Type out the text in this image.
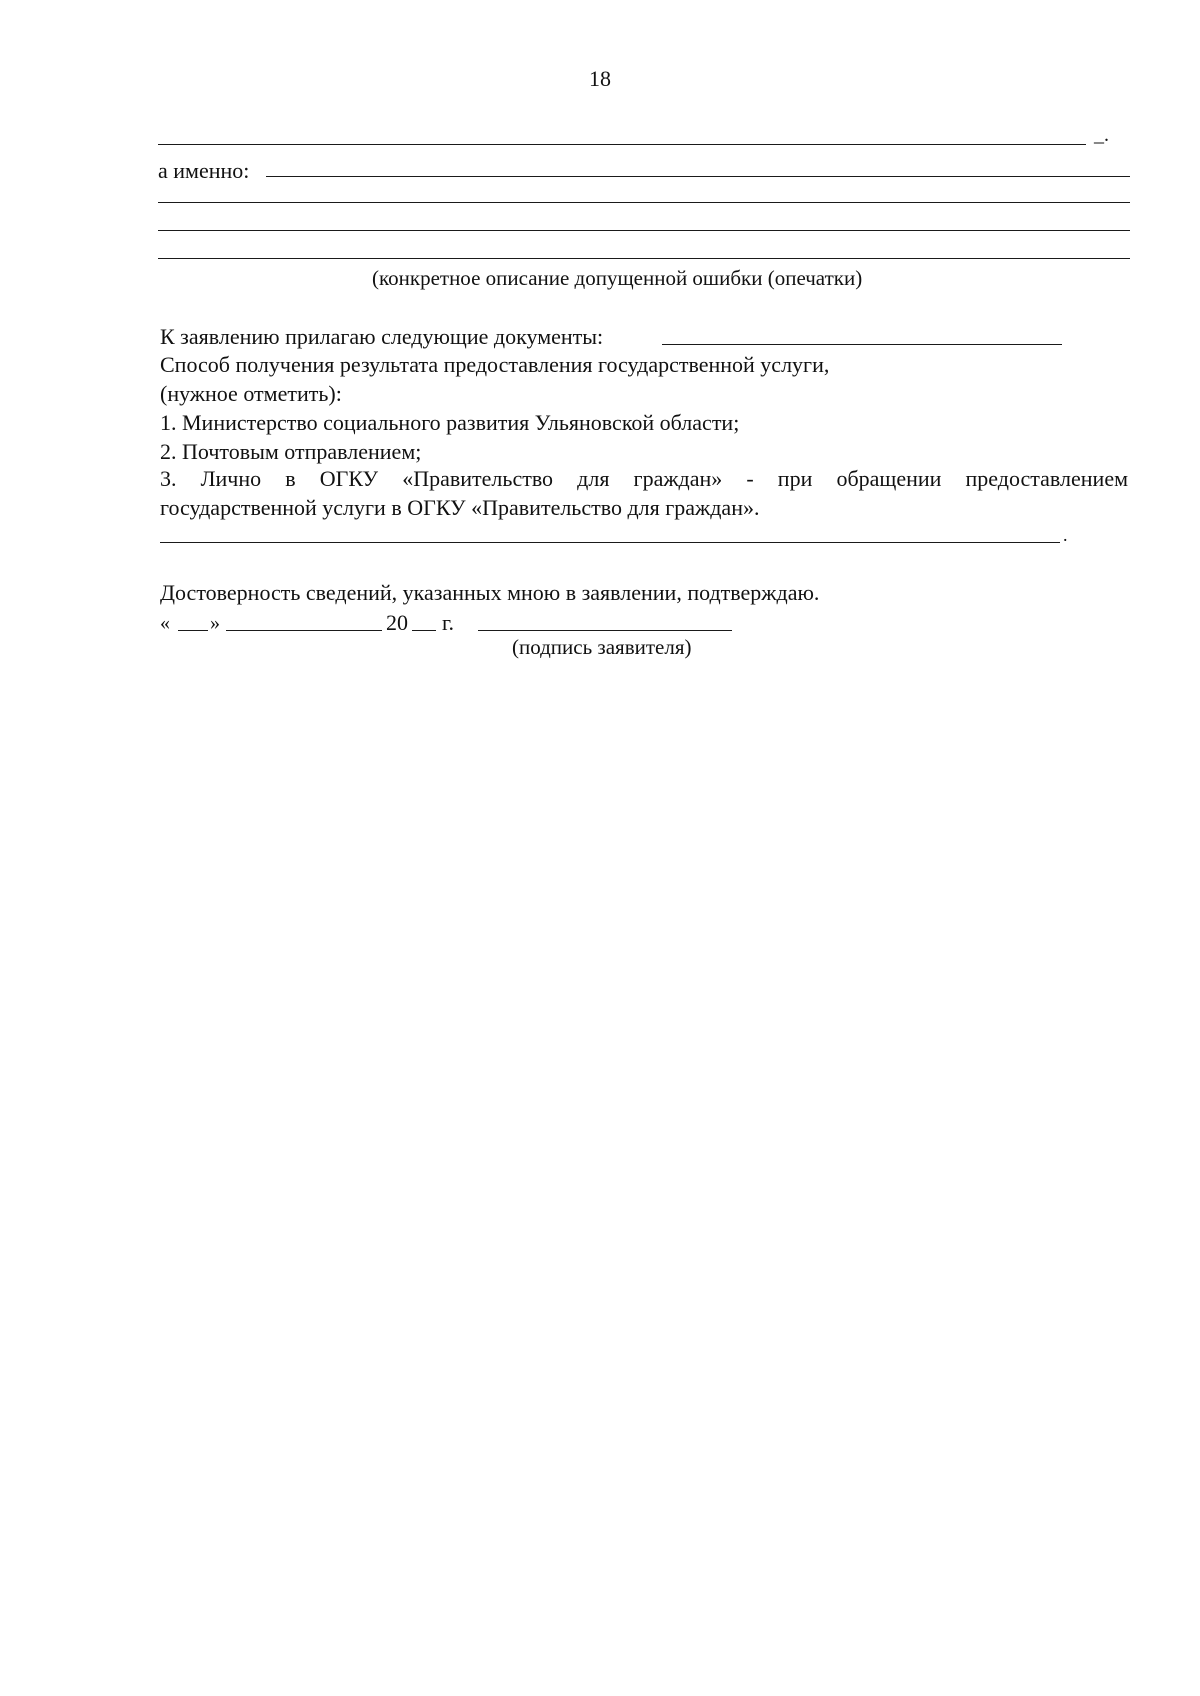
18
_.
а именно:
(конкретное описание допущенной ошибки (опечатки)
К заявлению прилагаю следующие документы:
Способ получения результата предоставления государственной услуги,
(нужное отметить):
1. Министерство социального развития Ульяновской области;
2. Почтовым отправлением;
3. Лично в ОГКУ «Правительство для граждан» - при обращении предоставлением
государственной услуги в ОГКУ «Правительство для граждан».
.
Достоверность сведений, указанных мною в заявлении, подтверждаю.
« »	20 г.
(подпись заявителя)
